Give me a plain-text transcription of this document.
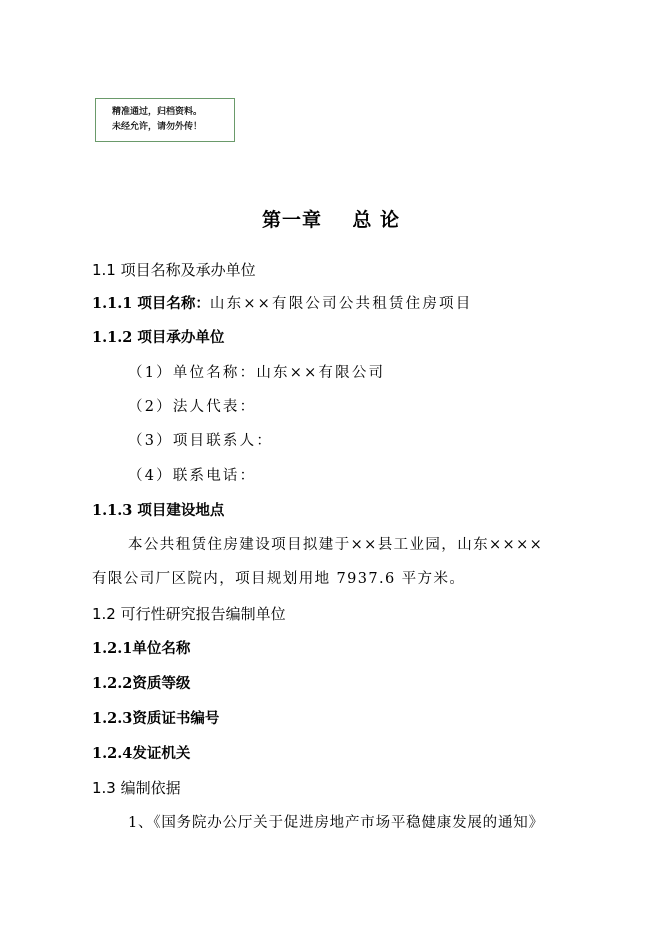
精准通过，归档资料。
未经允许，请勿外传！
第一章    总 论
1.1 项目名称及承办单位
1.1.1 项目名称：山东××有限公司公共租赁住房项目
1.1.2 项目承办单位
（1）单位名称：山东××有限公司
（2）法人代表：
（3）项目联系人：
（4）联系电话：
1.1.3 项目建设地点
本公共租赁住房建设项目拟建于××县工业园，山东××××
有限公司厂区院内，项目规划用地 7937.6 平方米。
1.2 可行性研究报告编制单位
1.2.1单位名称
1.2.2资质等级
1.2.3资质证书编号
1.2.4发证机关
1.3 编制依据
1、《国务院办公厅关于促进房地产市场平稳健康发展的通知》
